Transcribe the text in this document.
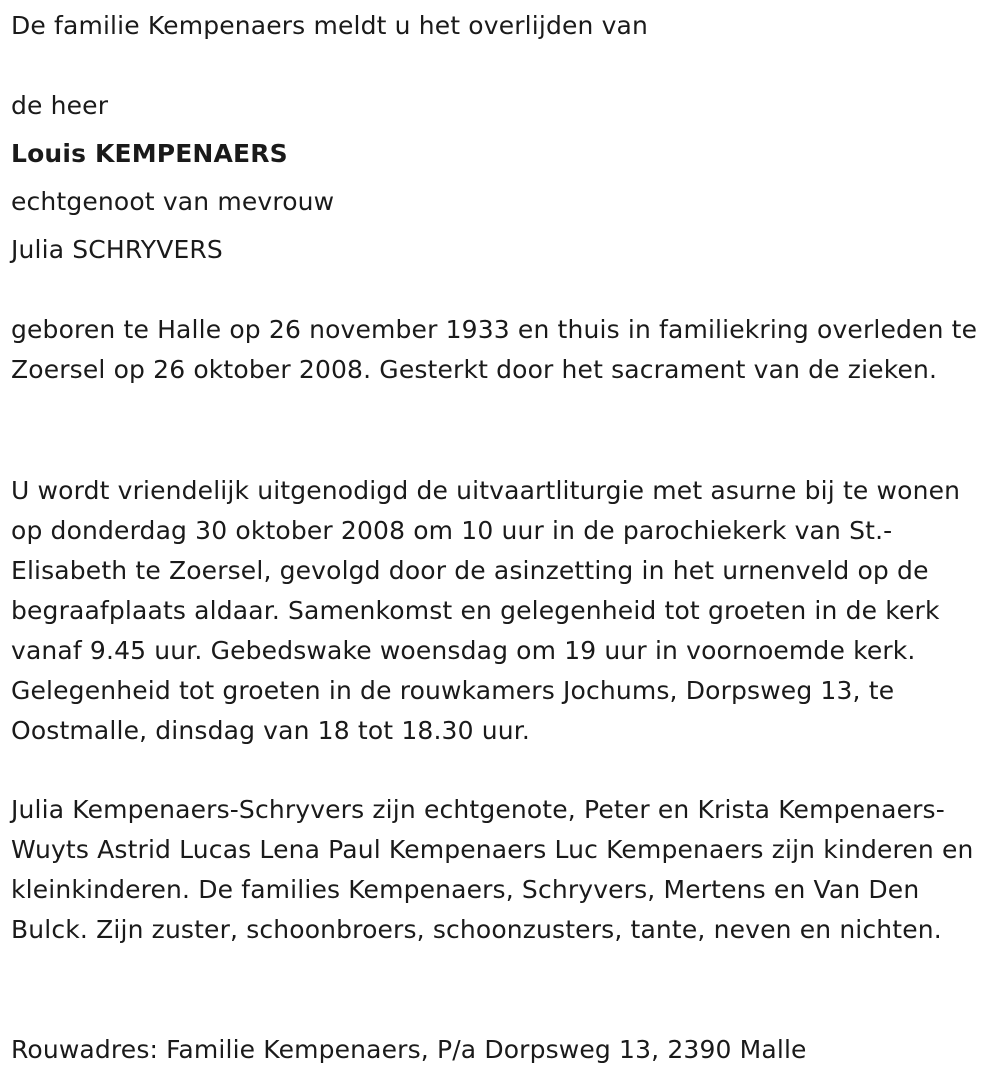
De familie Kempenaers meldt u het overlijden van
de heer
Louis KEMPENAERS
echtgenoot van mevrouw
Julia SCHRYVERS

geboren te Halle op 26 november 1933 en thuis in familiekring overleden te Zoersel op 26 oktober 2008. Gesterkt door het sacrament van de zieken.

U wordt vriendelijk uitgenodigd de uitvaartliturgie met asurne bij te wonen op donderdag 30 oktober 2008 om 10 uur in de parochiekerk van St.-Elisabeth te Zoersel, gevolgd door de asinzetting in het urnenveld op de begraafplaats aldaar. Samenkomst en gelegenheid tot groeten in de kerk vanaf 9.45 uur. Gebedswake woensdag om 19 uur in voornoemde kerk. Gelegenheid tot groeten in de rouwkamers Jochums, Dorpsweg 13, te Oostmalle, dinsdag van 18 tot 18.30 uur.

Julia Kempenaers-Schryvers zijn echtgenote, Peter en Krista Kempenaers-Wuyts Astrid Lucas Lena Paul Kempenaers Luc Kempenaers zijn kinderen en kleinkinderen. De families Kempenaers, Schryvers, Mertens en Van Den Bulck. Zijn zuster, schoonbroers, schoonzusters, tante, neven en nichten.

Rouwadres: Familie Kempenaers, P/a Dorpsweg 13, 2390 Malle
